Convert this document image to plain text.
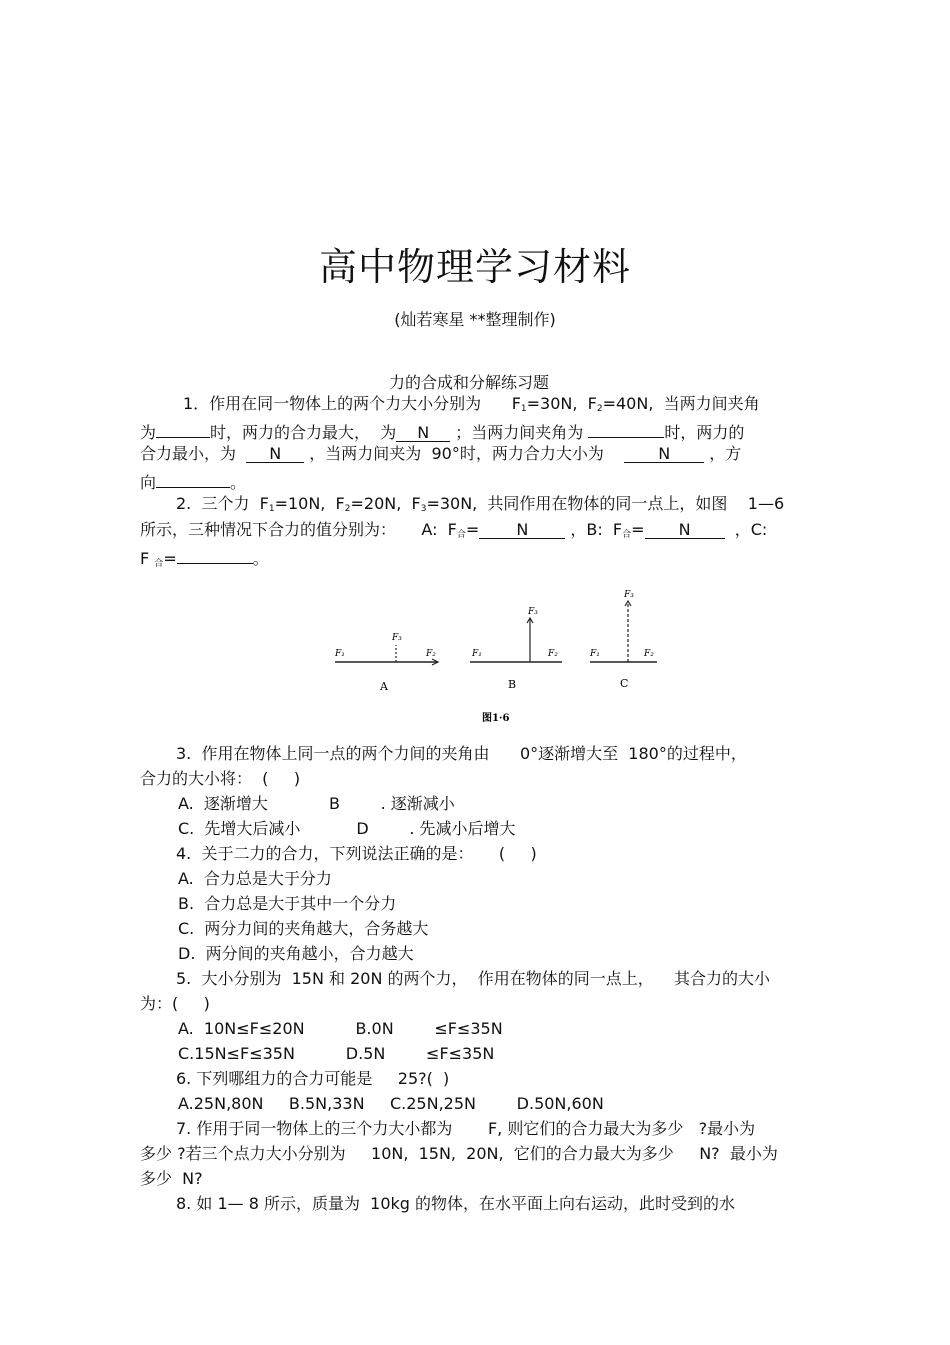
高中物理学习材料
(灿若寒星 **整理制作)
力的合成和分解练习题
1．作用在同一物体上的两个力大小分别为 $F_1=30N$, $F_2=40N$,  当两力间夹角
为	时，两力的合力最大，  为 N ；当两力间夹角为	时，两力的
合力最小，为 N ，当两力间夹为  90°时，两力合力大小为	N ，方
向	。
2.  三个力  $F_1=10N$,  $F_2=20N$,  $F_3=30N$,  共同作用在物体的同一点上，如图    1—6
所示，三种情况下合力的值分别为：     A:  $F_合= N$	，B:  $F_合= N$	，C:
F $_合$=	。
F₁	F₂
F₃
A
F₁	F₂
F₃
B
F₁	F₂
F₃
C
图1·6
3.  作用在物体上同一点的两个力间的夹角由      0°逐渐增大至  180°的过程中，
合力的大小将：  (     )
A.  逐渐增大            B        . 逐渐减小
C.  先增大后减小           D        . 先减小后增大
4.  关于二力的合力，下列说法正确的是：     (     )
A.  合力总是大于分力
B.  合力总是大于其中一个分力
C.  两分力间的夹角越大，合务越大
D.  两分间的夹角越小，合力越大
5.  大小分别为  15N 和 20N 的两个力，  作用在物体的同一点上，    其合力的大小
为：(     )
A.  10N≤F≤20N          B.0N        ≤F≤35N
C.15N≤F≤35N          D.5N        ≤F≤35N
6. 下列哪组力的合力可能是     25?(  )
A.25N,80N     B.5N,33N     C.25N,25N        D.50N,60N
7. 作用于同一物体上的三个力大小都为       F, 则它们的合力最大为多少   ?最小为
多少 ?若三个点力大小分别为     10N,  15N,  20N,  它们的合力最大为多少     N?  最小为
多少  N?
8. 如 1— 8 所示，质量为  10kg 的物体，在水平面上向右运动，此时受到的水
